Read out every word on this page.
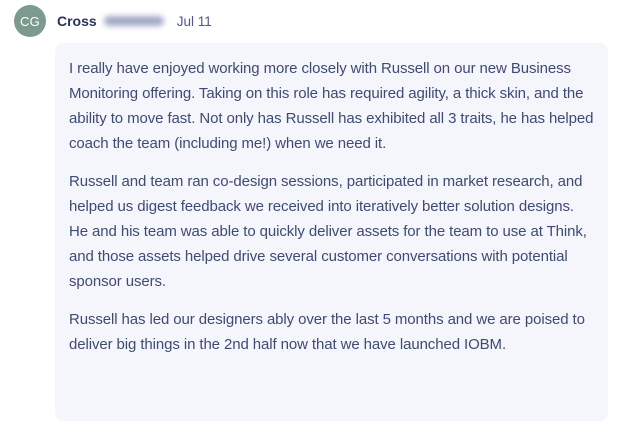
CG Cross	Jul 11

I really have enjoyed working more closely with Russell on our new Business Monitoring offering. Taking on this role has required agility, a thick skin, and the ability to move fast. Not only has Russell has exhibited all 3 traits, he has helped coach the team (including me!) when we need it.

Russell and team ran co-design sessions, participated in market research, and helped us digest feedback we received into iteratively better solution designs. He and his team was able to quickly deliver assets for the team to use at Think, and those assets helped drive several customer conversations with potential sponsor users.

Russell has led our designers ably over the last 5 months and we are poised to deliver big things in the 2nd half now that we have launched IOBM.
